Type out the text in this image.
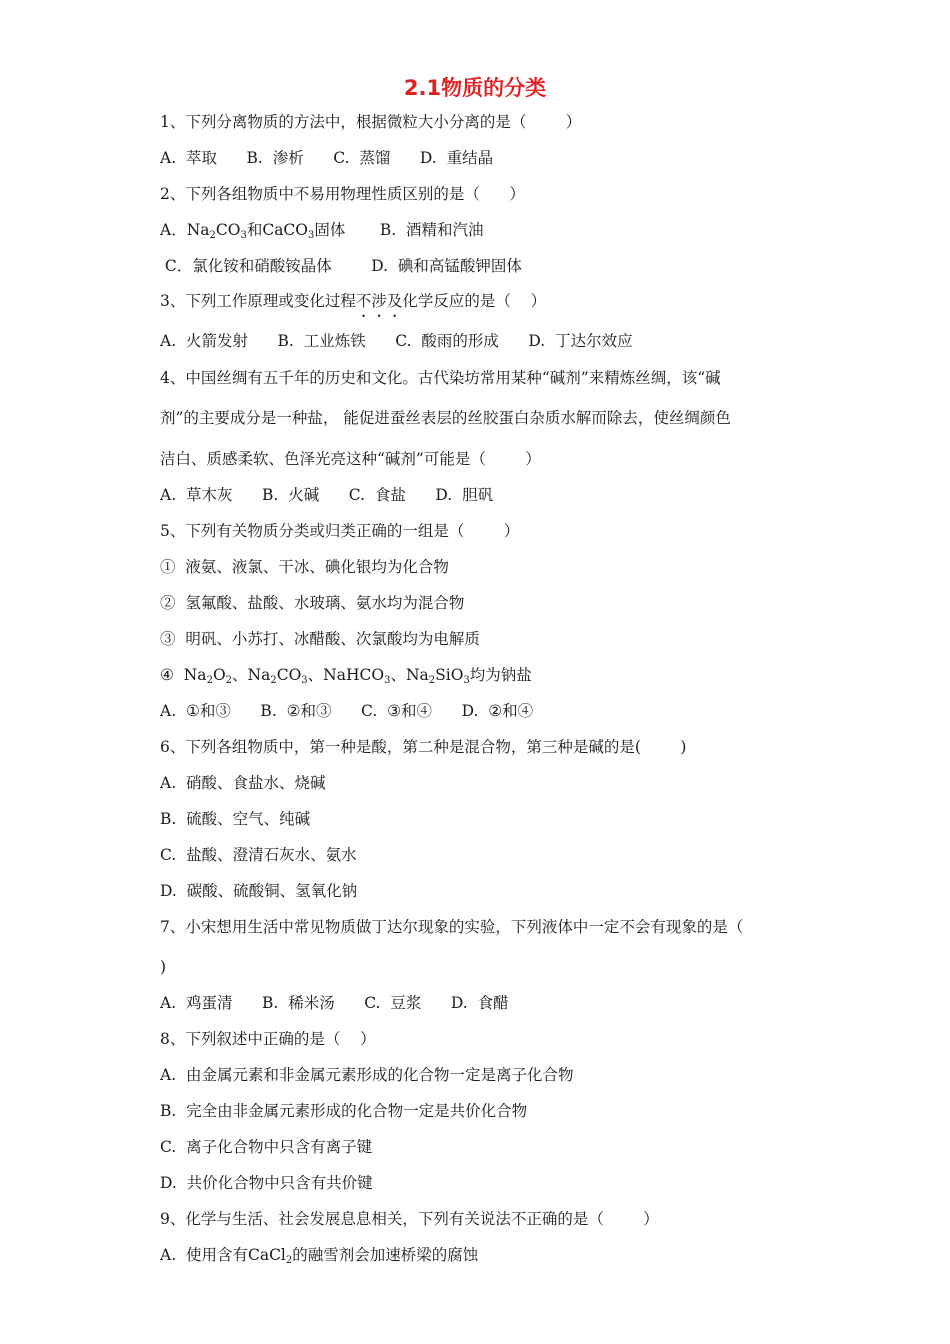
2.1物质的分类
1、下列分离物质的方法中，根据微粒大小分离的是（        ）
A.  萃取      B.  渗析      C.  蒸馏      D.  重结晶
2、下列各组物质中不易用物理性质区别的是（      ）
A．$Na_2CO_3$和CaCO$_3$固体       B.  酒精和汽油
C．氯化铵和硝酸铵晶体        D.  碘和高锰酸钾固体
3、下列工作原理或变化过程不涉及化学反应的是（    ）
A.  火箭发射      B.  工业炼铁      C.  酸雨的形成      D.  丁达尔效应
4、中国丝绸有五千年的历史和文化。古代染坊常用某种“碱剂”来精炼丝绸，该“碱
剂”的主要成分是一种盐， 能促进蚕丝表层的丝胶蛋白杂质水解而除去，使丝绸颜色
洁白、质感柔软、色泽光亮这种“碱剂”可能是（        ）
A.  草木灰      B.  火碱      C.  食盐      D.  胆矾
5、下列有关物质分类或归类正确的一组是（        ）
①  液氨、液氯、干冰、碘化银均为化合物
②  氢氟酸、盐酸、水玻璃、氨水均为混合物
③  明矾、小苏打、冰醋酸、次氯酸均为电解质
④  $Na_2O_2$、$Na_2CO_3$、NaHCO$_3$、$Na_2SiO_3$均为钠盐
A.  ①和③      B.  ②和③      C.  ③和④      D.  ②和④
6、下列各组物质中，第一种是酸，第二种是混合物，第三种是碱的是(        )
A.  硝酸、食盐水、烧碱
B.  硫酸、空气、纯碱
C.  盐酸、澄清石灰水、氨水
D.  碳酸、硫酸铜、氢氧化钠
7、小宋想用生活中常见物质做丁达尔现象的实验，下列液体中一定不会有现象的是（
)
A.  鸡蛋清      B.  稀米汤      C.  豆浆      D.  食醋
8、下列叙述中正确的是（    ）
A.  由金属元素和非金属元素形成的化合物一定是离子化合物
B.  完全由非金属元素形成的化合物一定是共价化合物
C.  离子化合物中只含有离子键
D.  共价化合物中只含有共价键
9、化学与生活、社会发展息息相关，下列有关说法不正确的是（        ）
A.  使用含有CaCl$_2$的融雪剂会加速桥梁的腐蚀
